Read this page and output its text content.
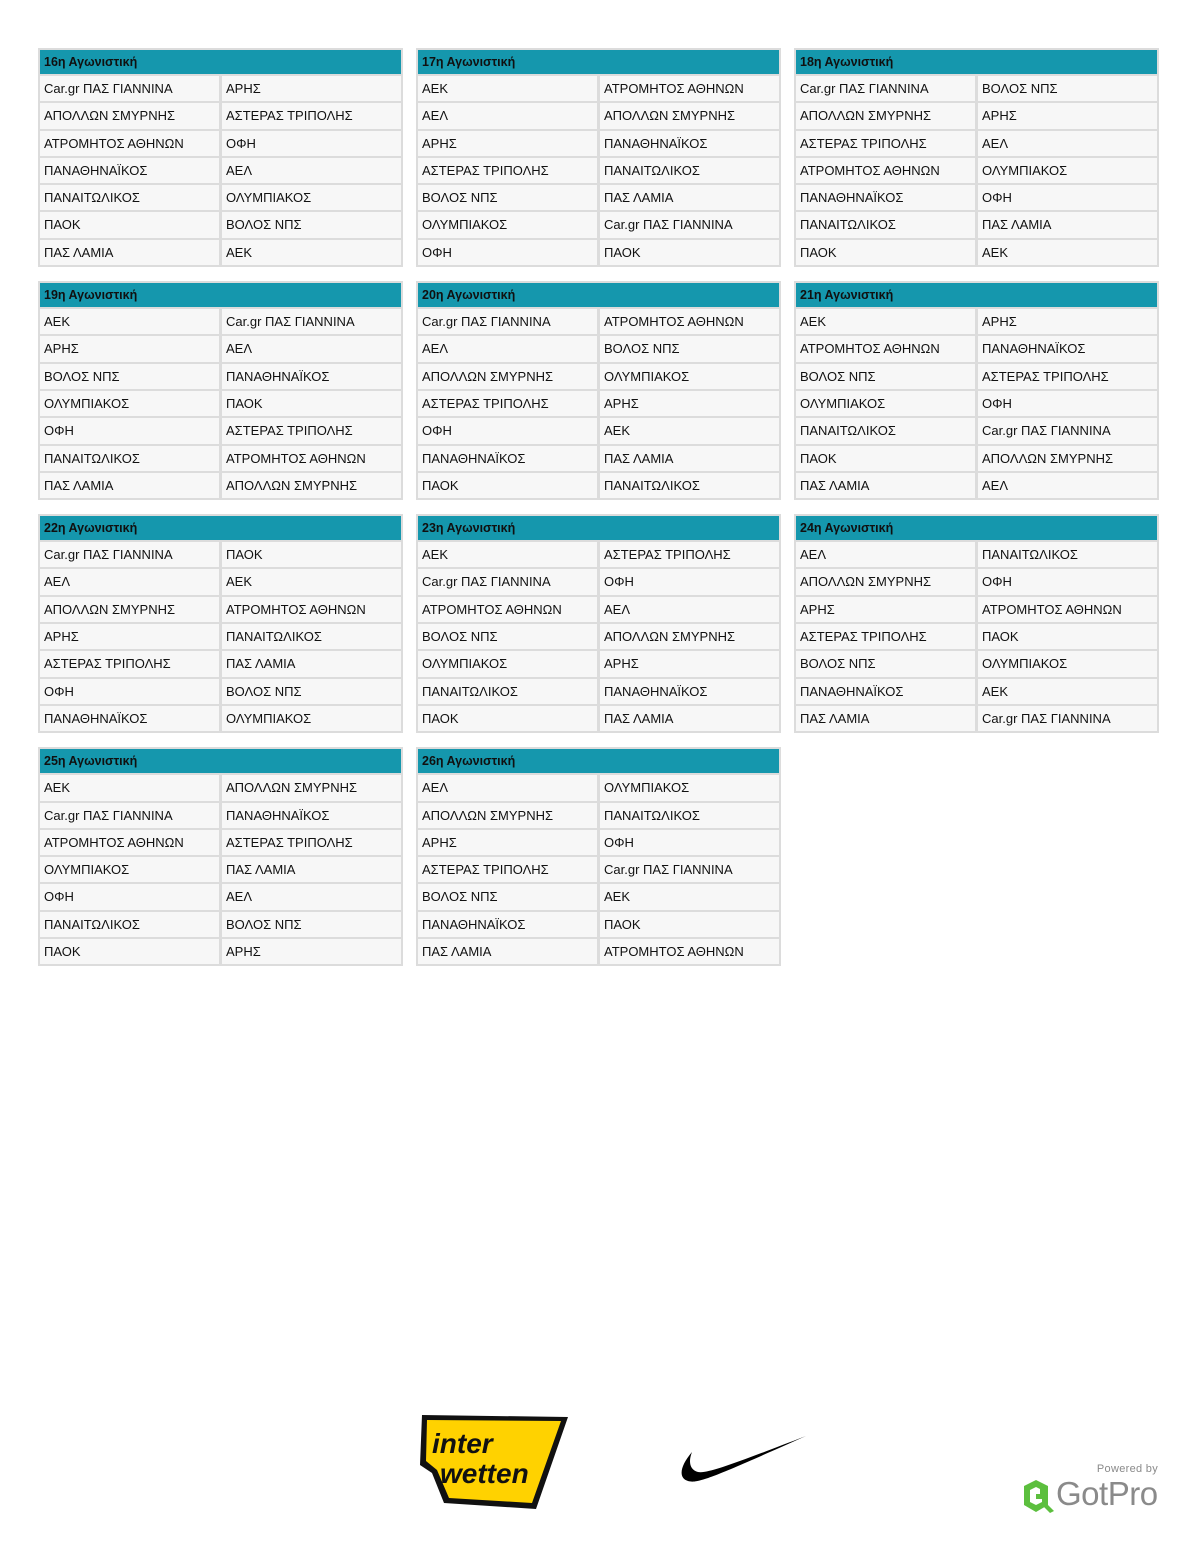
16η Αγωνιστική
Car.gr ΠΑΣ ΓΙΑΝΝΙΝΑ	ΑΡΗΣ
ΑΠΟΛΛΩΝ ΣΜΥΡΝΗΣ	ΑΣΤΕΡΑΣ ΤΡΙΠΟΛΗΣ
ΑΤΡΟΜΗΤΟΣ ΑΘΗΝΩΝ	ΟΦΗ
ΠΑΝΑΘΗΝΑΪΚΟΣ	ΑΕΛ
ΠΑΝΑΙΤΩΛΙΚΟΣ	ΟΛΥΜΠΙΑΚΟΣ
ΠΑΟΚ	ΒΟΛΟΣ ΝΠΣ
ΠΑΣ ΛΑΜΙΑ	ΑΕΚ
17η Αγωνιστική
ΑΕΚ	ΑΤΡΟΜΗΤΟΣ ΑΘΗΝΩΝ
ΑΕΛ	ΑΠΟΛΛΩΝ ΣΜΥΡΝΗΣ
ΑΡΗΣ	ΠΑΝΑΘΗΝΑΪΚΟΣ
ΑΣΤΕΡΑΣ ΤΡΙΠΟΛΗΣ	ΠΑΝΑΙΤΩΛΙΚΟΣ
ΒΟΛΟΣ ΝΠΣ	ΠΑΣ ΛΑΜΙΑ
ΟΛΥΜΠΙΑΚΟΣ	Car.gr ΠΑΣ ΓΙΑΝΝΙΝΑ
ΟΦΗ	ΠΑΟΚ
18η Αγωνιστική
Car.gr ΠΑΣ ΓΙΑΝΝΙΝΑ	ΒΟΛΟΣ ΝΠΣ
ΑΠΟΛΛΩΝ ΣΜΥΡΝΗΣ	ΑΡΗΣ
ΑΣΤΕΡΑΣ ΤΡΙΠΟΛΗΣ	ΑΕΛ
ΑΤΡΟΜΗΤΟΣ ΑΘΗΝΩΝ	ΟΛΥΜΠΙΑΚΟΣ
ΠΑΝΑΘΗΝΑΪΚΟΣ	ΟΦΗ
ΠΑΝΑΙΤΩΛΙΚΟΣ	ΠΑΣ ΛΑΜΙΑ
ΠΑΟΚ	ΑΕΚ
19η Αγωνιστική
ΑΕΚ	Car.gr ΠΑΣ ΓΙΑΝΝΙΝΑ
ΑΡΗΣ	ΑΕΛ
ΒΟΛΟΣ ΝΠΣ	ΠΑΝΑΘΗΝΑΪΚΟΣ
ΟΛΥΜΠΙΑΚΟΣ	ΠΑΟΚ
ΟΦΗ	ΑΣΤΕΡΑΣ ΤΡΙΠΟΛΗΣ
ΠΑΝΑΙΤΩΛΙΚΟΣ	ΑΤΡΟΜΗΤΟΣ ΑΘΗΝΩΝ
ΠΑΣ ΛΑΜΙΑ	ΑΠΟΛΛΩΝ ΣΜΥΡΝΗΣ
20η Αγωνιστική
Car.gr ΠΑΣ ΓΙΑΝΝΙΝΑ	ΑΤΡΟΜΗΤΟΣ ΑΘΗΝΩΝ
ΑΕΛ	ΒΟΛΟΣ ΝΠΣ
ΑΠΟΛΛΩΝ ΣΜΥΡΝΗΣ	ΟΛΥΜΠΙΑΚΟΣ
ΑΣΤΕΡΑΣ ΤΡΙΠΟΛΗΣ	ΑΡΗΣ
ΟΦΗ	ΑΕΚ
ΠΑΝΑΘΗΝΑΪΚΟΣ	ΠΑΣ ΛΑΜΙΑ
ΠΑΟΚ	ΠΑΝΑΙΤΩΛΙΚΟΣ
21η Αγωνιστική
ΑΕΚ	ΑΡΗΣ
ΑΤΡΟΜΗΤΟΣ ΑΘΗΝΩΝ	ΠΑΝΑΘΗΝΑΪΚΟΣ
ΒΟΛΟΣ ΝΠΣ	ΑΣΤΕΡΑΣ ΤΡΙΠΟΛΗΣ
ΟΛΥΜΠΙΑΚΟΣ	ΟΦΗ
ΠΑΝΑΙΤΩΛΙΚΟΣ	Car.gr ΠΑΣ ΓΙΑΝΝΙΝΑ
ΠΑΟΚ	ΑΠΟΛΛΩΝ ΣΜΥΡΝΗΣ
ΠΑΣ ΛΑΜΙΑ	ΑΕΛ
22η Αγωνιστική
Car.gr ΠΑΣ ΓΙΑΝΝΙΝΑ	ΠΑΟΚ
ΑΕΛ	ΑΕΚ
ΑΠΟΛΛΩΝ ΣΜΥΡΝΗΣ	ΑΤΡΟΜΗΤΟΣ ΑΘΗΝΩΝ
ΑΡΗΣ	ΠΑΝΑΙΤΩΛΙΚΟΣ
ΑΣΤΕΡΑΣ ΤΡΙΠΟΛΗΣ	ΠΑΣ ΛΑΜΙΑ
ΟΦΗ	ΒΟΛΟΣ ΝΠΣ
ΠΑΝΑΘΗΝΑΪΚΟΣ	ΟΛΥΜΠΙΑΚΟΣ
23η Αγωνιστική
ΑΕΚ	ΑΣΤΕΡΑΣ ΤΡΙΠΟΛΗΣ
Car.gr ΠΑΣ ΓΙΑΝΝΙΝΑ	ΟΦΗ
ΑΤΡΟΜΗΤΟΣ ΑΘΗΝΩΝ	ΑΕΛ
ΒΟΛΟΣ ΝΠΣ	ΑΠΟΛΛΩΝ ΣΜΥΡΝΗΣ
ΟΛΥΜΠΙΑΚΟΣ	ΑΡΗΣ
ΠΑΝΑΙΤΩΛΙΚΟΣ	ΠΑΝΑΘΗΝΑΪΚΟΣ
ΠΑΟΚ	ΠΑΣ ΛΑΜΙΑ
24η Αγωνιστική
ΑΕΛ	ΠΑΝΑΙΤΩΛΙΚΟΣ
ΑΠΟΛΛΩΝ ΣΜΥΡΝΗΣ	ΟΦΗ
ΑΡΗΣ	ΑΤΡΟΜΗΤΟΣ ΑΘΗΝΩΝ
ΑΣΤΕΡΑΣ ΤΡΙΠΟΛΗΣ	ΠΑΟΚ
ΒΟΛΟΣ ΝΠΣ	ΟΛΥΜΠΙΑΚΟΣ
ΠΑΝΑΘΗΝΑΪΚΟΣ	ΑΕΚ
ΠΑΣ ΛΑΜΙΑ	Car.gr ΠΑΣ ΓΙΑΝΝΙΝΑ
25η Αγωνιστική
ΑΕΚ	ΑΠΟΛΛΩΝ ΣΜΥΡΝΗΣ
Car.gr ΠΑΣ ΓΙΑΝΝΙΝΑ	ΠΑΝΑΘΗΝΑΪΚΟΣ
ΑΤΡΟΜΗΤΟΣ ΑΘΗΝΩΝ	ΑΣΤΕΡΑΣ ΤΡΙΠΟΛΗΣ
ΟΛΥΜΠΙΑΚΟΣ	ΠΑΣ ΛΑΜΙΑ
ΟΦΗ	ΑΕΛ
ΠΑΝΑΙΤΩΛΙΚΟΣ	ΒΟΛΟΣ ΝΠΣ
ΠΑΟΚ	ΑΡΗΣ
26η Αγωνιστική
ΑΕΛ	ΟΛΥΜΠΙΑΚΟΣ
ΑΠΟΛΛΩΝ ΣΜΥΡΝΗΣ	ΠΑΝΑΙΤΩΛΙΚΟΣ
ΑΡΗΣ	ΟΦΗ
ΑΣΤΕΡΑΣ ΤΡΙΠΟΛΗΣ	Car.gr ΠΑΣ ΓΙΑΝΝΙΝΑ
ΒΟΛΟΣ ΝΠΣ	ΑΕΚ
ΠΑΝΑΘΗΝΑΪΚΟΣ	ΠΑΟΚ
ΠΑΣ ΛΑΜΙΑ	ΑΤΡΟΜΗΤΟΣ ΑΘΗΝΩΝ
inter
wetten	Powered by
GotPro
